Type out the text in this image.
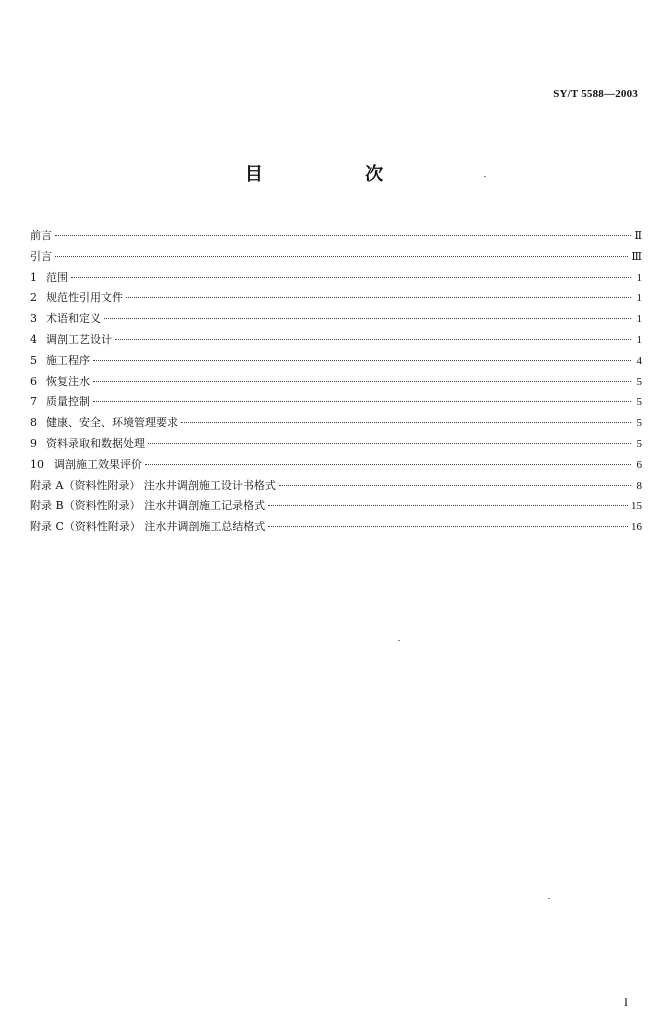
SY/T 5588—2003
目 次
前言	Ⅱ
引言	Ⅲ
1 范围	1
2 规范性引用文件	1
3 术语和定义	1
4 调剖工艺设计	1
5 施工程序	4
6 恢复注水	5
7 质量控制	5
8 健康、安全、环境管理要求	5
9 资料录取和数据处理	5
10 调剖施工效果评价	6
附录 A（资料性附录） 注水井调剖施工设计书格式	8
附录 B（资料性附录） 注水井调剖施工记录格式	15
附录 C（资料性附录） 注水井调剖施工总结格式	16
I
